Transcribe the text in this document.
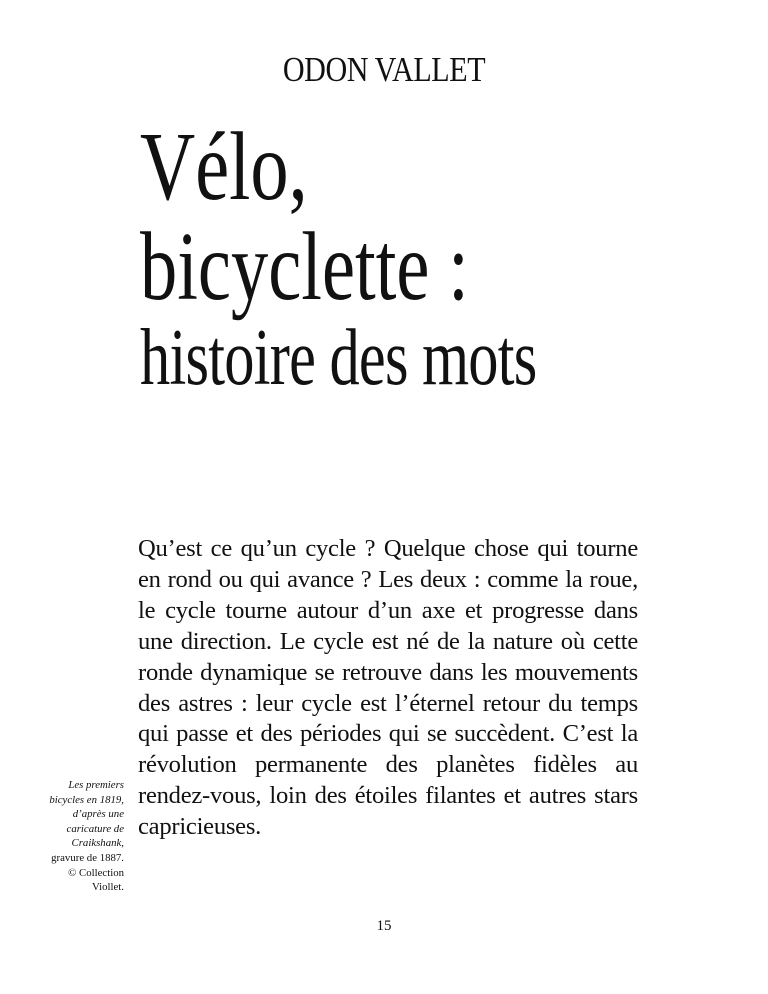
ODON VALLET
Vélo,
bicyclette :
histoire des mots
Les premiers bicycles en 1819, d’après une caricature de Craikshank,
gravure de 1887.
© Collection Viollet.

Qu’est ce qu’un cycle ? Quelque chose qui tourne en rond ou qui avance ? Les deux : comme la roue, le cycle tourne autour d’un axe et progresse dans une direction. Le cycle est né de la nature où cette ronde dynamique se retrouve dans les mouvements des astres : leur cycle est l’éternel retour du temps qui passe et des périodes qui se succèdent. C’est la révolution permanente des planètes fidèles au rendez-vous, loin des étoiles filantes et autres stars capricieuses.

15
